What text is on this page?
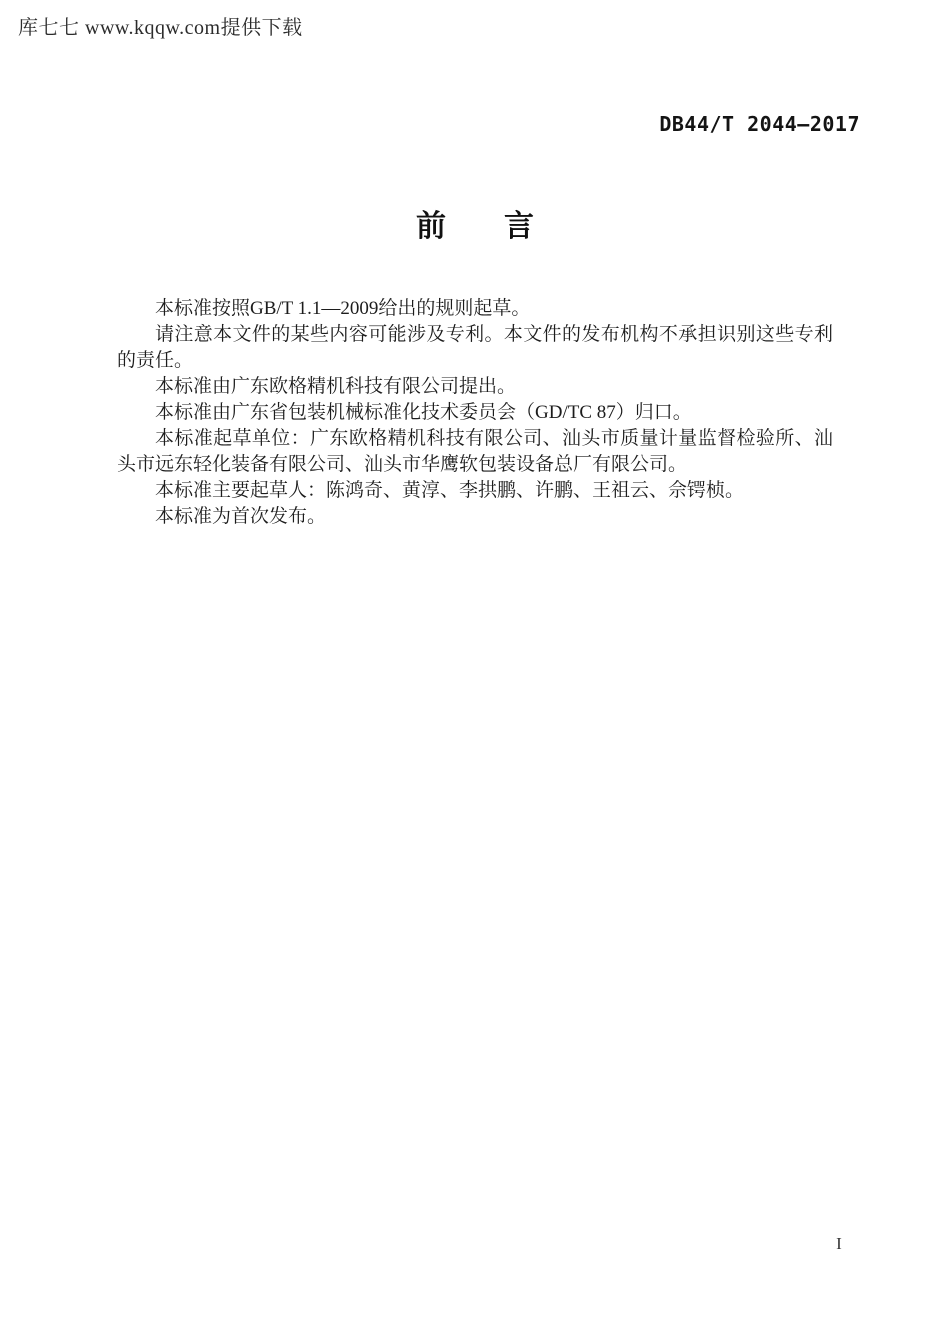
库七七 www.kqqw.com提供下载
DB44/T 2044—2017
前 言

本标准按照GB/T 1.1—2009给出的规则起草。

请注意本文件的某些内容可能涉及专利。本文件的发布机构不承担识别这些专利的责任。

本标准由广东欧格精机科技有限公司提出。

本标准由广东省包装机械标准化技术委员会（GD/TC 87）归口。

本标准起草单位：广东欧格精机科技有限公司、汕头市质量计量监督检验所、汕头市远东轻化装备有限公司、汕头市华鹰软包装设备总厂有限公司。

本标准主要起草人：陈鸿奇、黄淳、李拱鹏、许鹏、王祖云、佘锷桢。

本标准为首次发布。

I
